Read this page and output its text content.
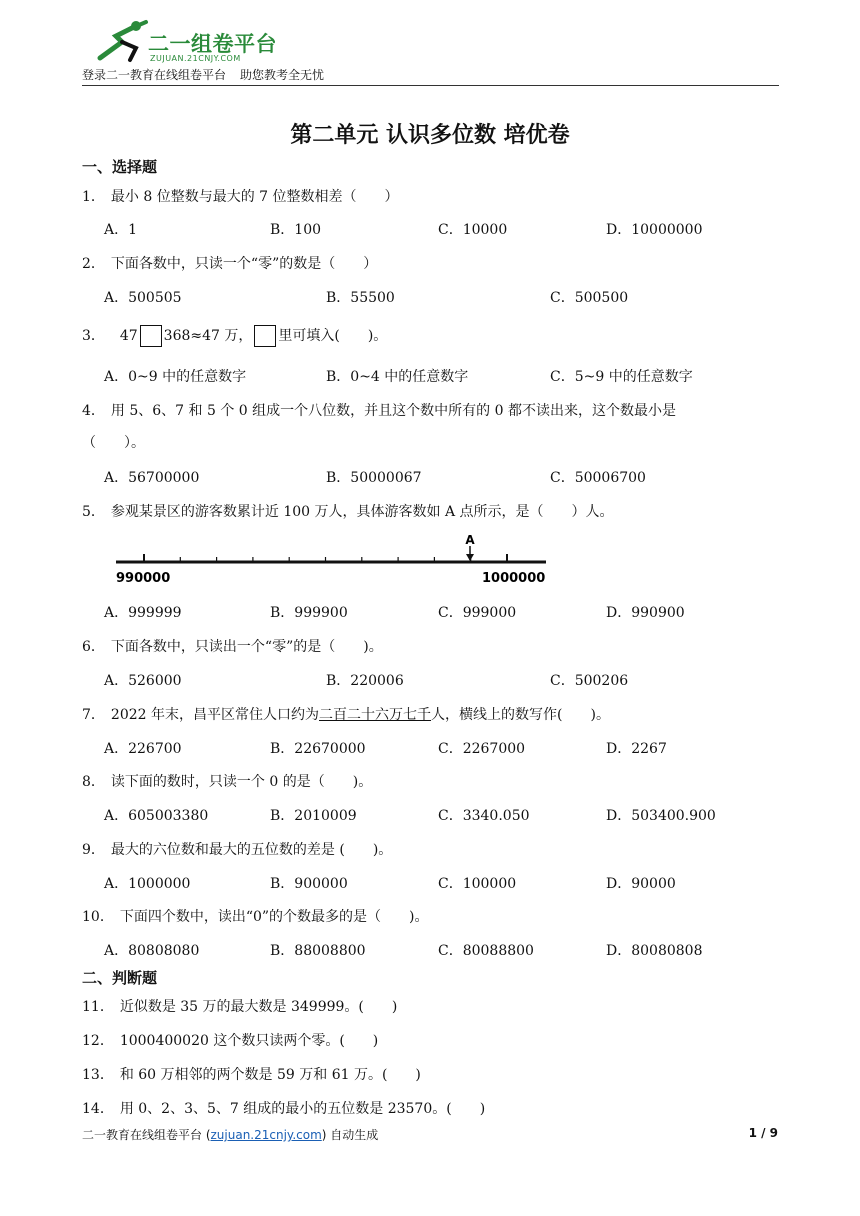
二一组卷平台
ZUJUAN.21CNJY.COM
登录二一教育在线组卷平台 助您教考全无忧
第二单元 认识多位数 培优卷
一、选择题
1． 最小 8 位整数与最大的 7 位整数相差（　　）
A．1	B．100	C．10000	D．10000000
2． 下面各数中，只读一个“零”的数是（　　）
A．500505	B．55500	C．500500
3． 47 368≈47 万， 里可填入(　　)。
A．0~9 中的任意数字	B．0~4 中的任意数字	C．5~9 中的任意数字
4． 用 5、6、7 和 5 个 0 组成一个八位数，并且这个数中所有的 0 都不读出来，这个数最小是
（　　）。
A．56700000	B．50000067	C．50006700
5． 参观某景区的游客数累计近 100 万人，具体游客数如 A 点所示，是（　　）人。
A
990000	1000000
A．999999	B．999900	C．999000	D．990900
6． 下面各数中，只读出一个“零”的是（　　)。
A．526000	B．220006	C．500206
7． 2022 年末，昌平区常住人口约为二百二十六万七千人，横线上的数写作(　　)。
A．226700	B．22670000	C．2267000	D．2267
8． 读下面的数时，只读一个 0 的是（　　)。
A．605003380	B．2010009	C．3340.050	D．503400.900
9． 最大的六位数和最大的五位数的差是 (　　)。
A．1000000	B．900000	C．100000	D．90000
10． 下面四个数中，读出“0”的个数最多的是（　　)。
A．80808080	B．88008800	C．80088800	D．80080808
二、判断题
11． 近似数是 35 万的最大数是 349999。(　　)
12． 1000400020 这个数只读两个零。(　　)
13． 和 60 万相邻的两个数是 59 万和 61 万。(　　)
14． 用 0、2、3、5、7 组成的最小的五位数是 23570。(　　)
二一教育在线组卷平台 (zujuan.21cnjy.com) 自动生成	1 / 9
